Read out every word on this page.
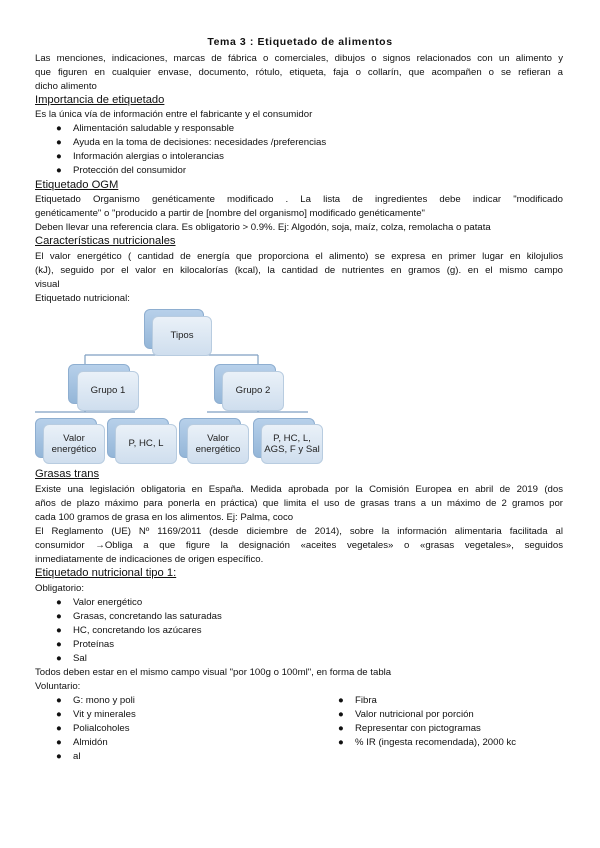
Tema 3 : Etiquetado de alimentos
Las menciones, indicaciones, marcas de fábrica o comerciales, dibujos o signos relacionados con un alimento y
que figuren en cualquier envase, documento, rótulo, etiqueta, faja o collarín, que acompañen o se refieran a
dicho alimento
Importancia de etiquetado
Es la única vía de información entre el fabricante y el consumidor
● Alimentación saludable y responsable
● Ayuda en la toma de decisiones: necesidades /preferencias
● Información alergias o intolerancias
● Protección del consumidor
Etiquetado OGM
Etiquetado Organismo genéticamente modificado . La lista de ingredientes debe indicar "modificado
genéticamente" o "producido a partir de [nombre del organismo] modificado genéticamente"
Deben llevar una referencia clara. Es obligatorio > 0.9%. Ej: Algodón, soja, maíz, colza, remolacha o patata
Características nutricionales
El valor energético ( cantidad de energía que proporciona el alimento) se expresa en primer lugar en kilojulios
(kJ), seguido por el valor en kilocalorías (kcal), la cantidad de nutrientes en gramos (g). en el mismo campo
visual
Etiquetado nutricional:
Tipos
Grupo 1	Grupo 2
Valor energético
P, HC, L
Valor energético
P, HC, L, AGS, F y Sal
Grasas trans
Existe una legislación obligatoria en España. Medida aprobada por la Comisión Europea en abril de 2019 (dos
años de plazo máximo para ponerla en práctica) que limita el uso de grasas trans a un máximo de 2 gramos por
cada 100 gramos de grasa en los alimentos. Ej: Palma, coco
El Reglamento (UE) Nº 1169/2011 (desde diciembre de 2014), sobre la información alimentaria facilitada al
consumidor →Obliga a que figure la designación «aceites vegetales» o «grasas vegetales», seguidos
inmediatamente de indicaciones de origen específico.
Etiquetado nutricional tipo 1:
Obligatorio:
● Valor energético
● Grasas, concretando las saturadas
● HC, concretando los azúcares
● Proteínas
● Sal
Todos deben estar en el mismo campo visual "por 100g o 100ml", en forma de tabla
Voluntario:
● G: mono y poli
● Vit y minerales
● Polialcoholes
● Almidón
● al
● Fibra
● Valor nutricional por porción
● Representar con pictogramas
● % IR (ingesta recomendada), 2000 kc
